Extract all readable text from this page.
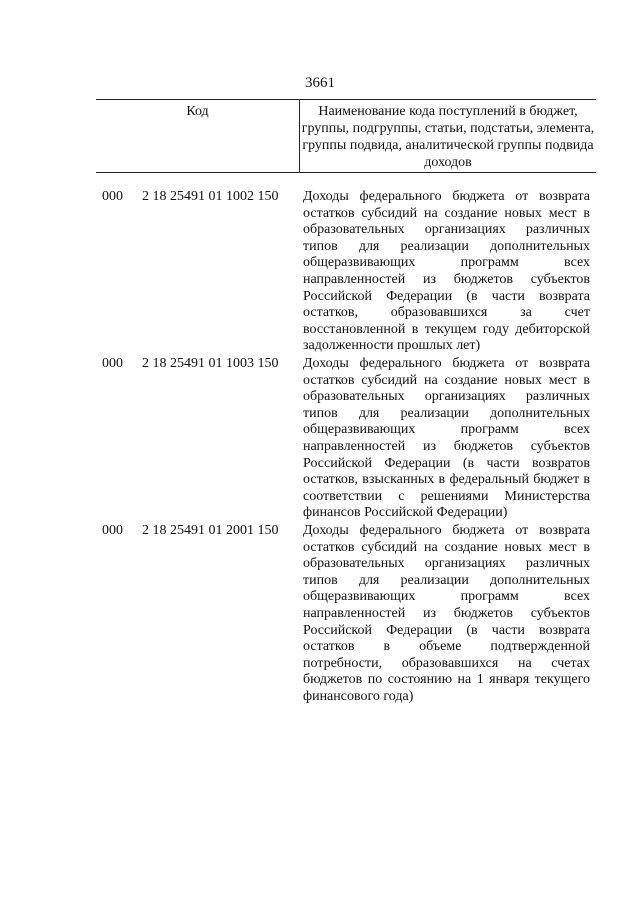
3661
Код	Наименование кода поступлений в бюджет, группы, подгруппы, статьи, подстатьи, элемента, группы подвида, аналитической группы подвида доходов
000	2 18 25491 01 1002 150	Доходы федерального бюджета от возврата остатков субсидий на создание новых мест в образовательных организациях различных типов для реализации дополнительных общеразвивающих программ всех направленностей из бюджетов субъектов Российской Федерации (в части возврата остатков, образовавшихся за счет восстановленной в текущем году дебиторской задолженности прошлых лет)
000	2 18 25491 01 1003 150	Доходы федерального бюджета от возврата остатков субсидий на создание новых мест в образовательных организациях различных типов для реализации дополнительных общеразвивающих программ всех направленностей из бюджетов субъектов Российской Федерации (в части возвратов остатков, взысканных в федеральный бюджет в соответствии с решениями Министерства финансов Российской Федерации)
000	2 18 25491 01 2001 150	Доходы федерального бюджета от возврата остатков субсидий на создание новых мест в образовательных организациях различных типов для реализации дополнительных общеразвивающих программ всех направленностей из бюджетов субъектов Российской Федерации (в части возврата остатков в объеме подтвержденной потребности, образовавшихся на счетах бюджетов по состоянию на 1 января текущего финансового года)
